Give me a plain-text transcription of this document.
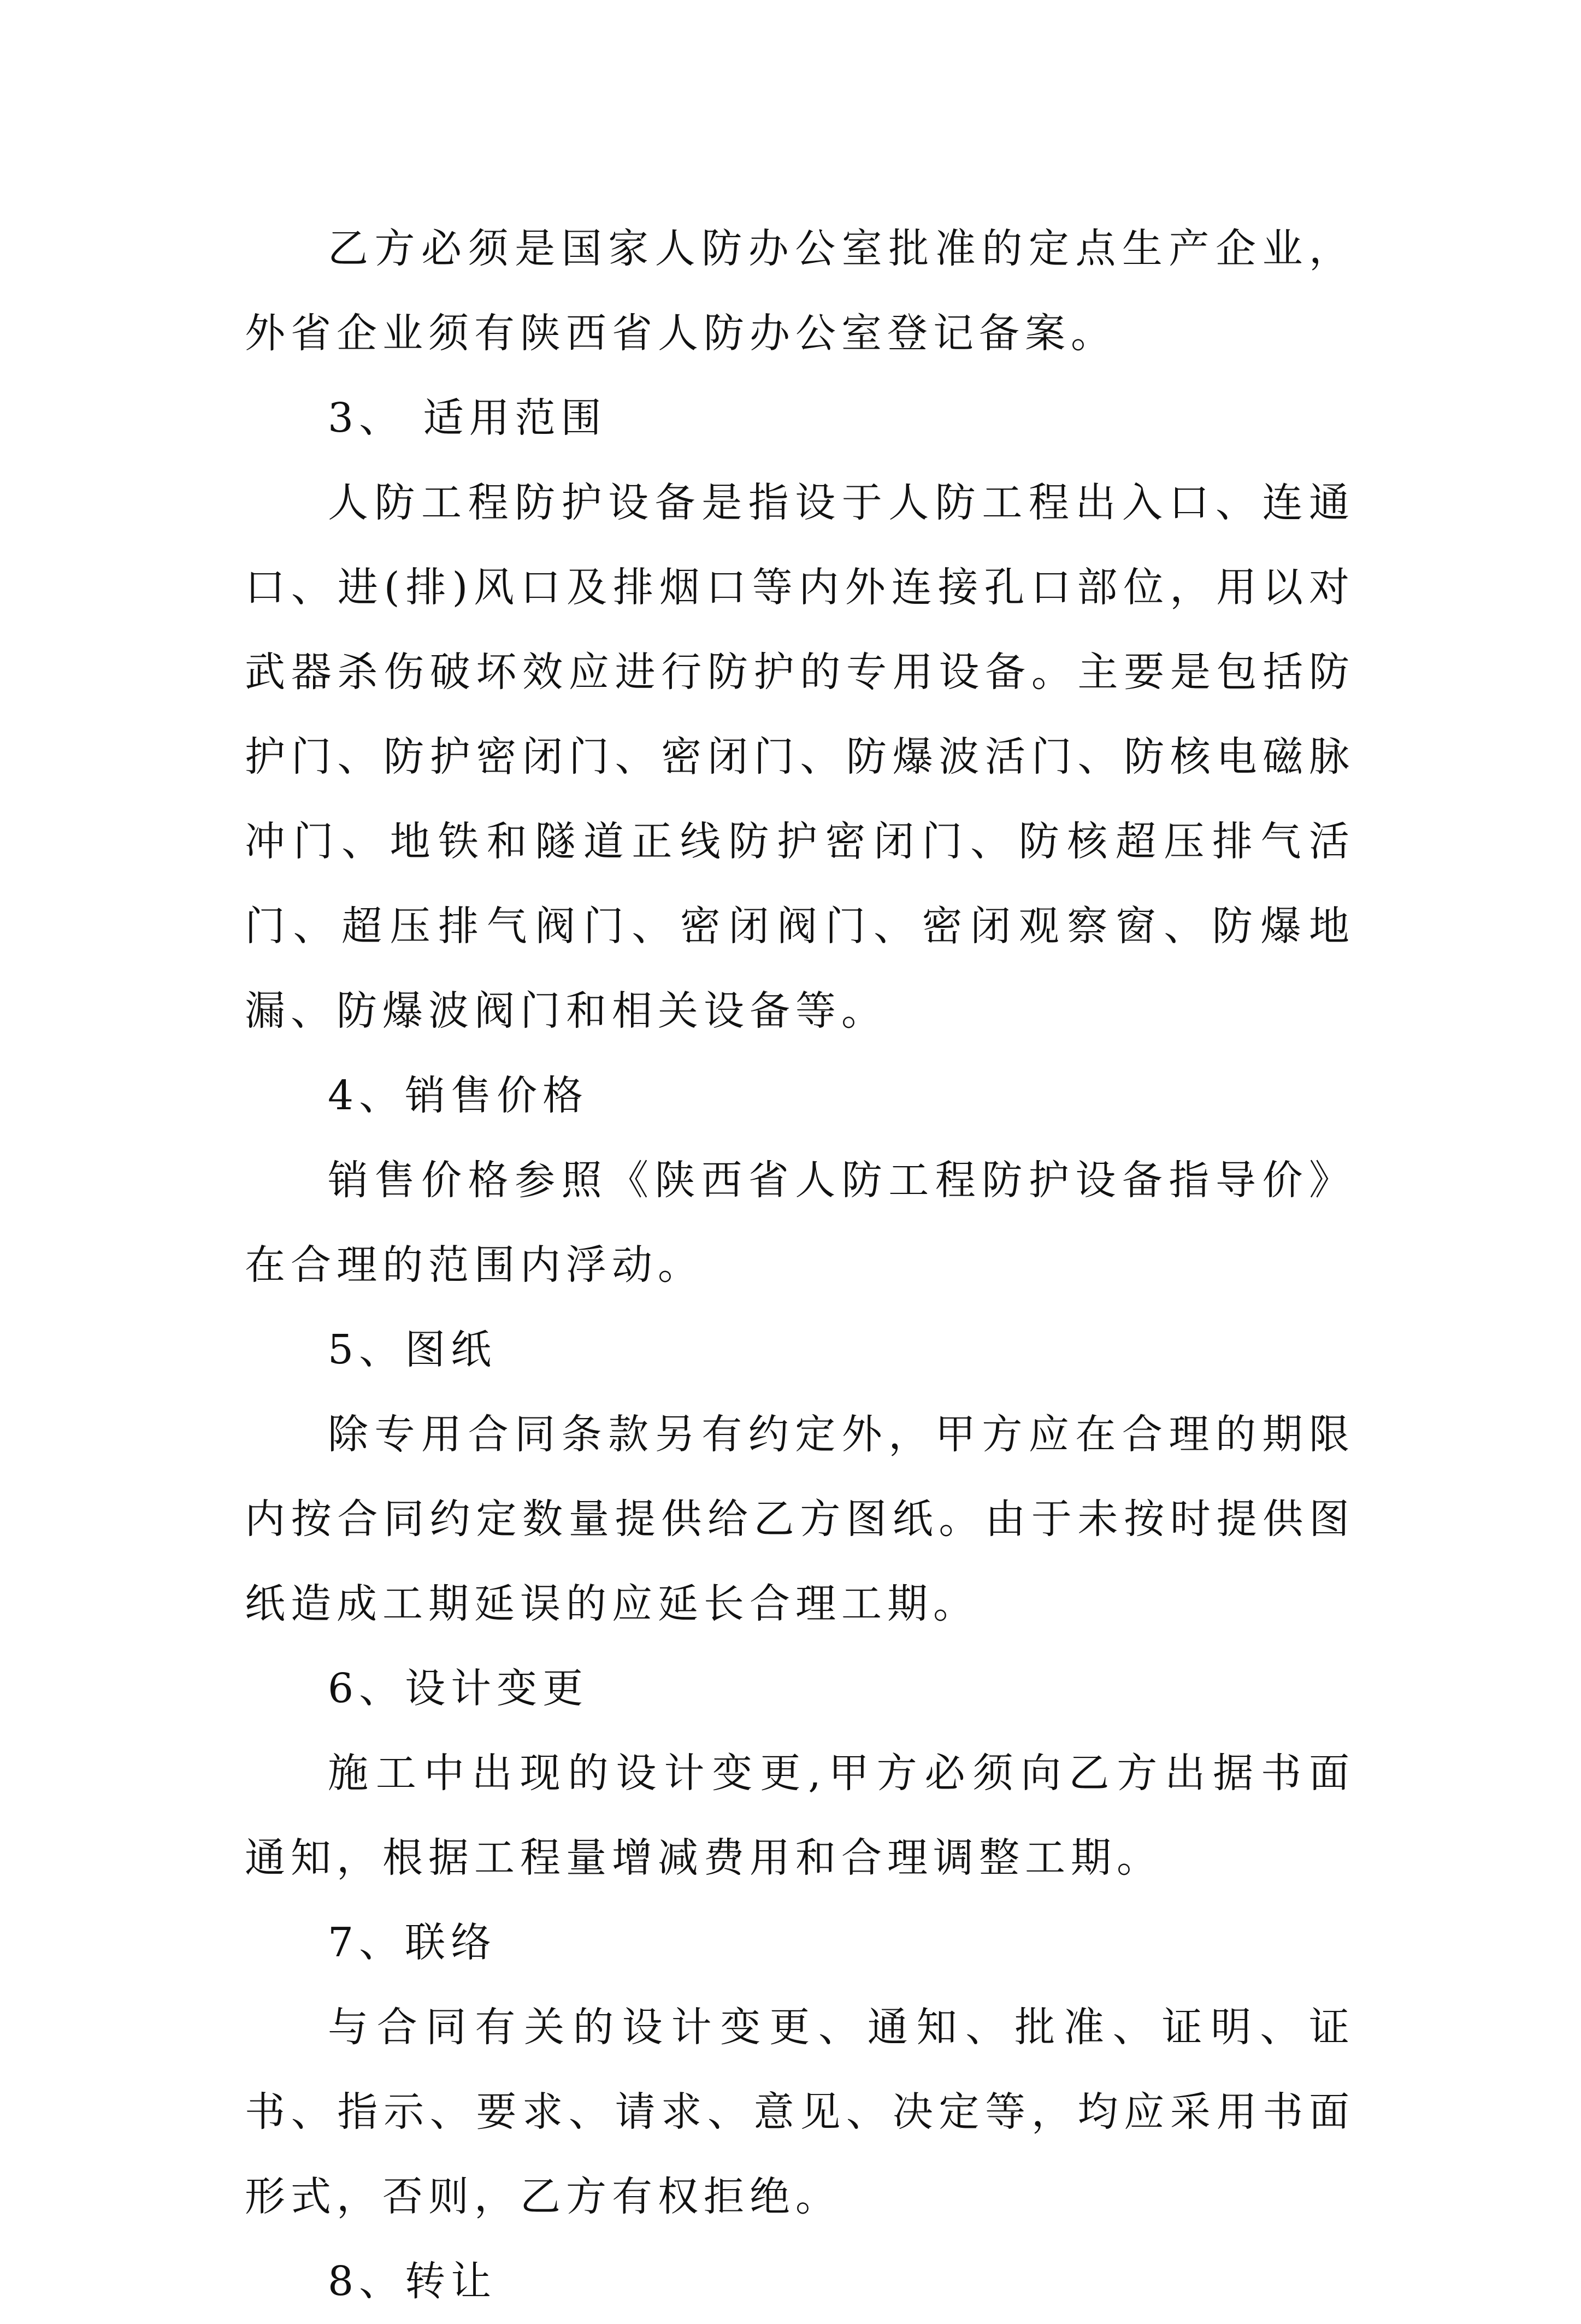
乙方必须是国家人防办公室批准的定点生产企业，外省企业须有陕西省人防办公室登记备案。

3、 适用范围

人防工程防护设备是指设于人防工程出入口、连通口、进(排)风口及排烟口等内外连接孔口部位，用以对武器杀伤破坏效应进行防护的专用设备。主要是包括防护门、防护密闭门、密闭门、防爆波活门、防核电磁脉冲门、地铁和隧道正线防护密闭门、防核超压排气活门、超压排气阀门、密闭阀门、密闭观察窗、防爆地漏、防爆波阀门和相关设备等。

4、销售价格

销售价格参照《陕西省人防工程防护设备指导价》在合理的范围内浮动。

5、图纸

除专用合同条款另有约定外，甲方应在合理的期限内按合同约定数量提供给乙方图纸。由于未按时提供图纸造成工期延误的应延长合理工期。

6、设计变更

施工中出现的设计变更,甲方必须向乙方出据书面通知，根据工程量增减费用和合理调整工期。

7、联络

与合同有关的设计变更、通知、批准、证明、证书、指示、要求、请求、意见、决定等，均应采用书面形式，否则，乙方有权拒绝。

8、转让
